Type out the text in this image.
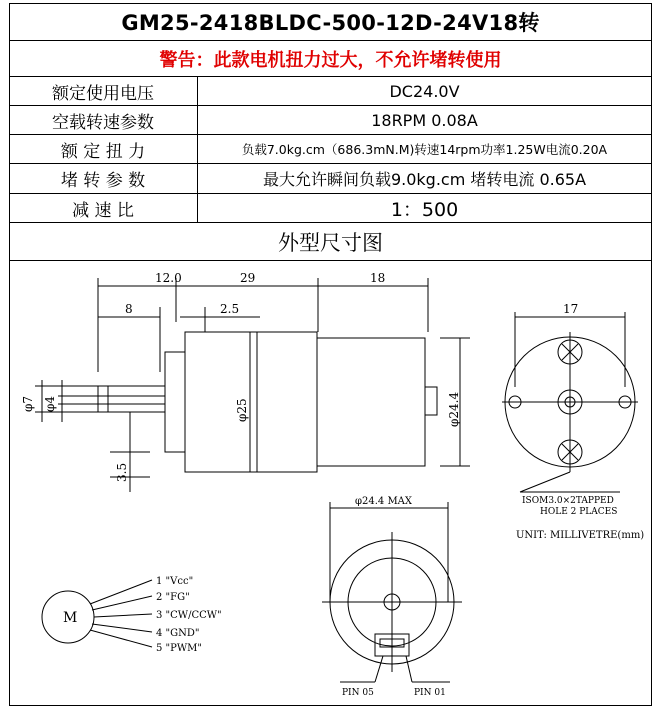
GM25-2418BLDC-500-12D-24V18转
警告：此款电机扭力过大，不允许堵转使用
额定使用电压	DC24.0V
空载转速参数	18RPM 0.08A
额 定 扭 力	负载7.0kg.cm（686.3mN.M)转速14rpm功率1.25W电流0.20A
堵 转 参 数	最大允许瞬间负载9.0kg.cm 堵转电流 0.65A
减 速 比	1：500
外型尺寸图
12.0	29	18
8	2.5
φ7 φ4	φ25	φ24.4
3.5
17
ISOM3.0×2TAPPED
HOLE 2 PLACES
UNIT: MILLIVETRE(mm)
φ24.4 MAX
M
1 "Vcc"
2 "FG"
3 "CW/CCW"
4 "GND"
5 "PWM"
PIN 05	PIN 01
